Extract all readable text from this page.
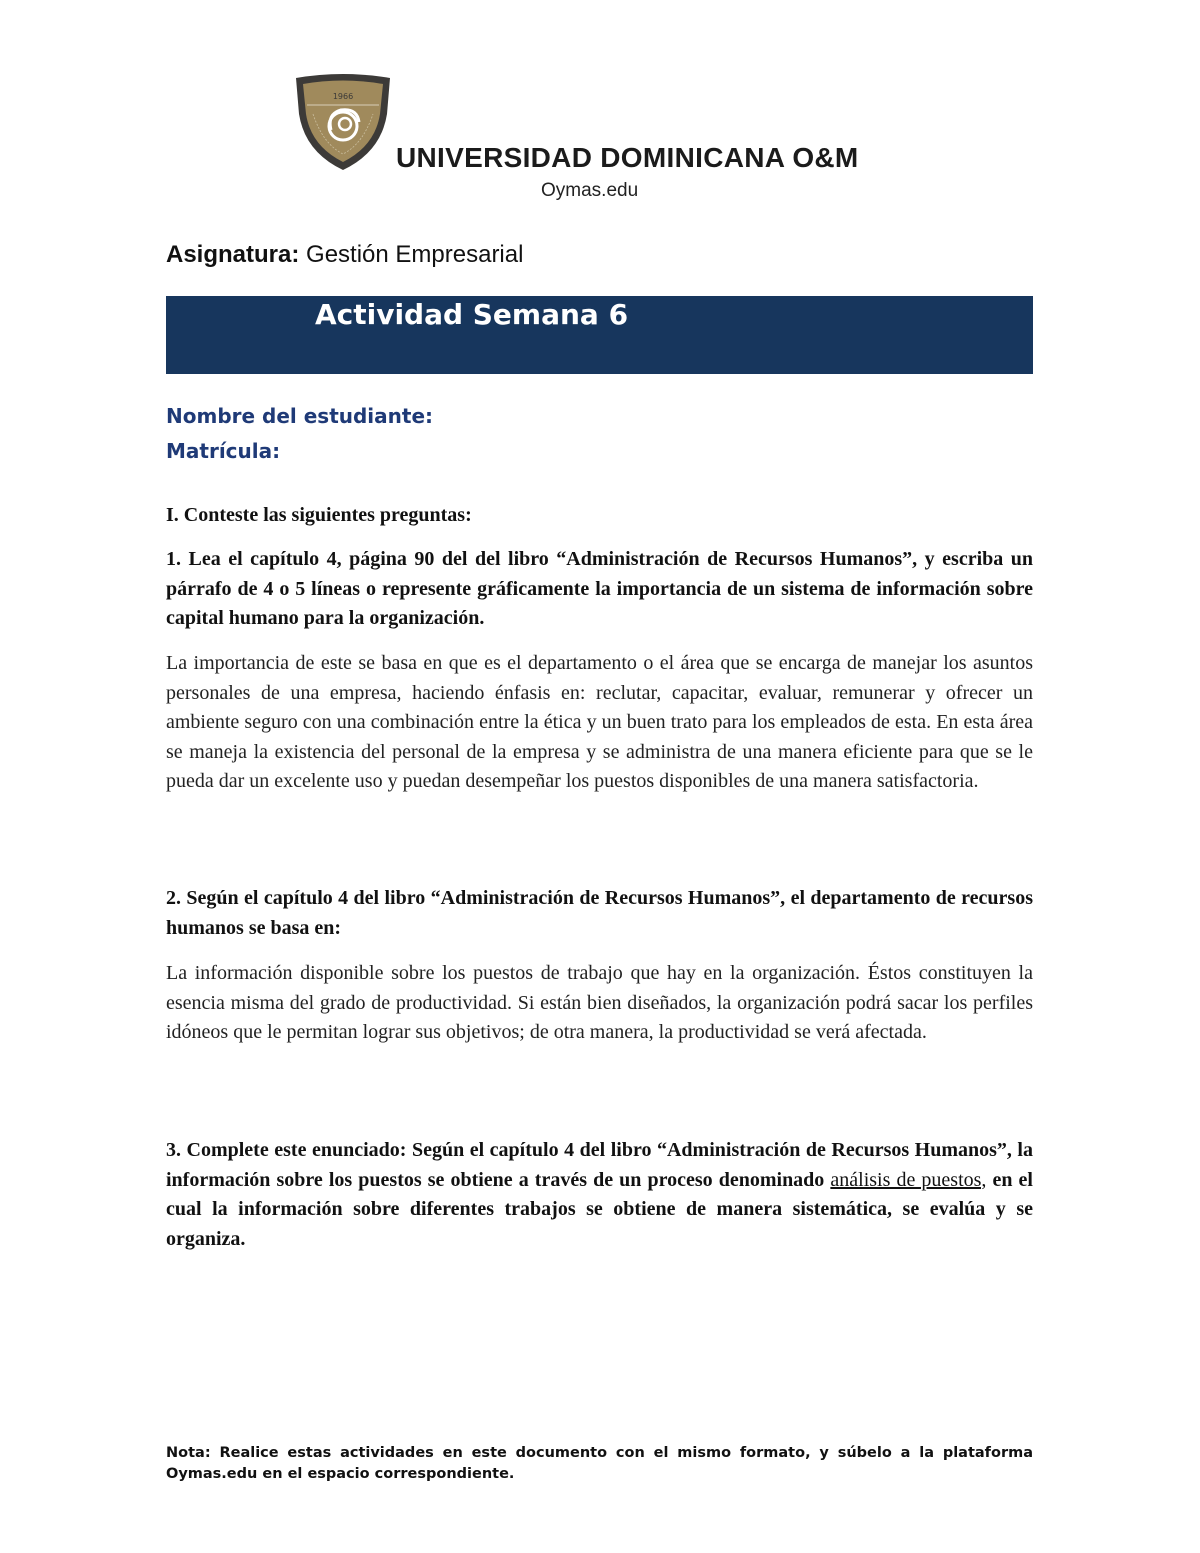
1966
UNIVERSIDAD DOMINICANA O&M
Oymas.edu
Asignatura: Gestión Empresarial
Actividad Semana 6
Nombre del estudiante:
Matrícula:
I. Conteste las siguientes preguntas:
1. Lea el capítulo 4, página 90 del del libro “Administración de Recursos Humanos”, y escriba un párrafo de 4 o 5 líneas o represente gráficamente la importancia de un sistema de información sobre capital humano para la organización.
La importancia de este se basa en que es el departamento o el área que se encarga de manejar los asuntos personales de una empresa, haciendo énfasis en: reclutar, capacitar, evaluar, remunerar y ofrecer un ambiente seguro con una combinación entre la ética y un buen trato para los empleados de esta. En esta área se maneja la existencia del personal de la empresa y se administra de una manera eficiente para que se le pueda dar un excelente uso y puedan desempeñar los puestos disponibles de una manera satisfactoria.
2. Según el capítulo 4 del libro “Administración de Recursos Humanos”, el departamento de recursos humanos se basa en:
La información disponible sobre los puestos de trabajo que hay en la organización. Éstos constituyen la esencia misma del grado de productividad. Si están bien diseñados, la organización podrá sacar los perfiles idóneos que le permitan lograr sus objetivos; de otra manera, la productividad se verá afectada.
3. Complete este enunciado: Según el capítulo 4 del libro “Administración de Recursos Humanos”, la información sobre los puestos se obtiene a través de un proceso denominado análisis de puestos, en el cual la información sobre diferentes trabajos se obtiene de manera sistemática, se evalúa y se organiza.
Nota: Realice estas actividades en este documento con el mismo formato, y súbelo a la plataforma Oymas.edu en el espacio correspondiente.
